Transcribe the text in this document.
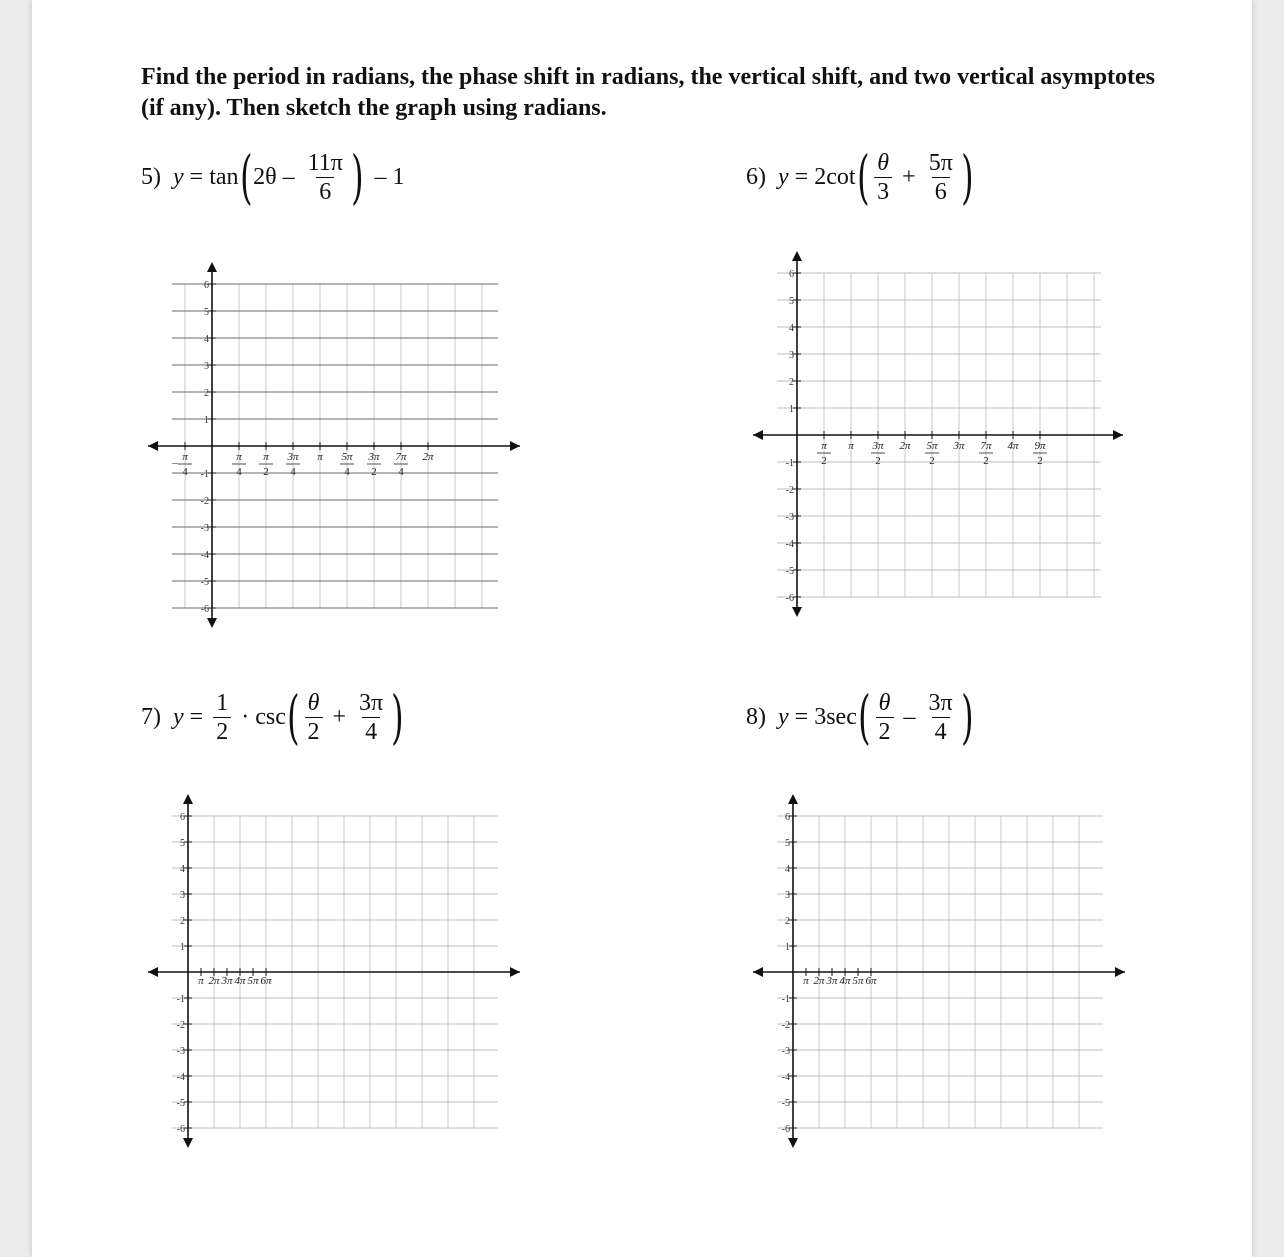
Find the period in radians, the phase shift in radians, the vertical shift, and two vertical asymptotes (if any). Then sketch the graph using radians.
5) y = tan ( $2\theta - \frac{11\pi}{6}$ ) – 1	6) y = 2cot ( $\frac{\theta}{3} + \frac{5\pi}{6}$ )
7) $y = \frac{1}{2} \cdot \csc$ ( $\frac{\theta}{2} + \frac{3\pi}{4}$ )	8) y = 3sec ( $\frac{\theta}{2} - \frac{3\pi}{4}$ )
6
5
4
3
2
1
-1
-2
-3
-4
-5
-6
– π
4
π
4
π
2
3π
4
π 5π
4
3π
2
7π
4
2π
6
5
4
3
2
1
-1
-2
-3
-4
-5
-6
π
2
π 3π
2
2π 5π
2
3π 7π
2
4π 9π
2
6
5
4
3
2
1
-1
-2
-3
-4
-5
-6
π 2π 3π 4π 5π 6π
6
5
4
3
2
1
-1
-2
-3
-4
-5
-6
π 2π 3π 4π 5π 6π
